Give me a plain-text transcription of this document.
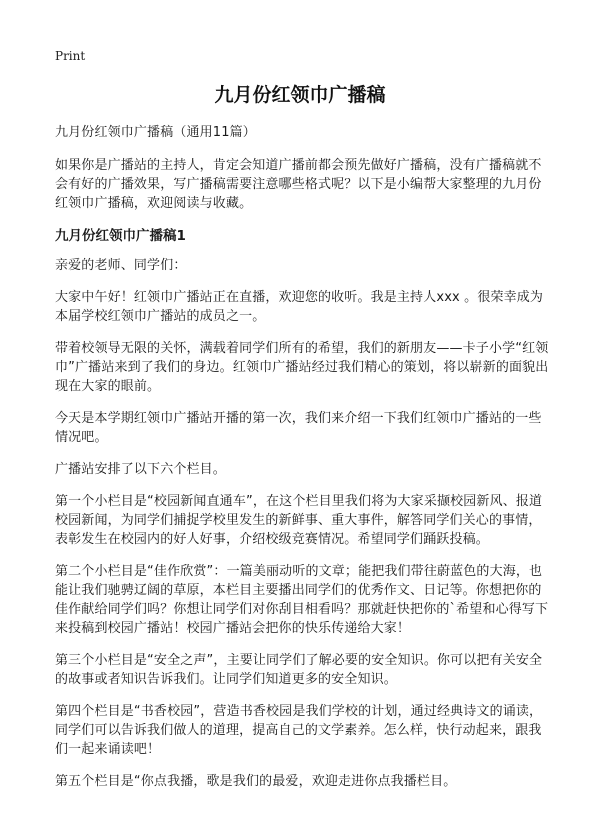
Print
九月份红领巾广播稿

九月份红领巾广播稿（通用11篇）

如果你是广播站的主持人，肯定会知道广播前都会预先做好广播稿，没有广播稿就不会有好的广播效果，写广播稿需要注意哪些格式呢？以下是小编帮大家整理的九月份红领巾广播稿，欢迎阅读与收藏。

九月份红领巾广播稿1

亲爱的老师、同学们：

大家中午好！红领巾广播站正在直播，欢迎您的收听。我是主持人xxx 。很荣幸成为本届学校红领巾广播站的成员之一。

带着校领导无限的关怀，满载着同学们所有的希望，我们的新朋友——卡子小学“红领巾”广播站来到了我们的身边。红领巾广播站经过我们精心的策划，将以崭新的面貌出现在大家的眼前。

今天是本学期红领巾广播站开播的第一次，我们来介绍一下我们红领巾广播站的一些情况吧。

广播站安排了以下六个栏目。

第一个小栏目是“校园新闻直通车”，在这个栏目里我们将为大家采撷校园新风、报道校园新闻，为同学们捕捉学校里发生的新鲜事、重大事件，解答同学们关心的事情，表彰发生在校园内的好人好事，介绍校级竞赛情况。希望同学们踊跃投稿。

第二个小栏目是“佳作欣赏”：一篇美丽动听的文章；能把我们带往蔚蓝色的大海，也能让我们驰骋辽阔的草原，本栏目主要播出同学们的优秀作文、日记等。你想把你的佳作献给同学们吗？你想让同学们对你刮目相看吗？那就赶快把你的`希望和心得写下来投稿到校园广播站！校园广播站会把你的快乐传递给大家！

第三个小栏目是“安全之声”，主要让同学们了解必要的安全知识。你可以把有关安全的故事或者知识告诉我们。让同学们知道更多的安全知识。

第四个栏目是“书香校园”，营造书香校园是我们学校的计划，通过经典诗文的诵读，同学们可以告诉我们做人的道理，提高自己的文学素养。怎么样，快行动起来，跟我们一起来诵读吧！

第五个栏目是“你点我播，歌是我们的最爱，欢迎走进你点我播栏目。
